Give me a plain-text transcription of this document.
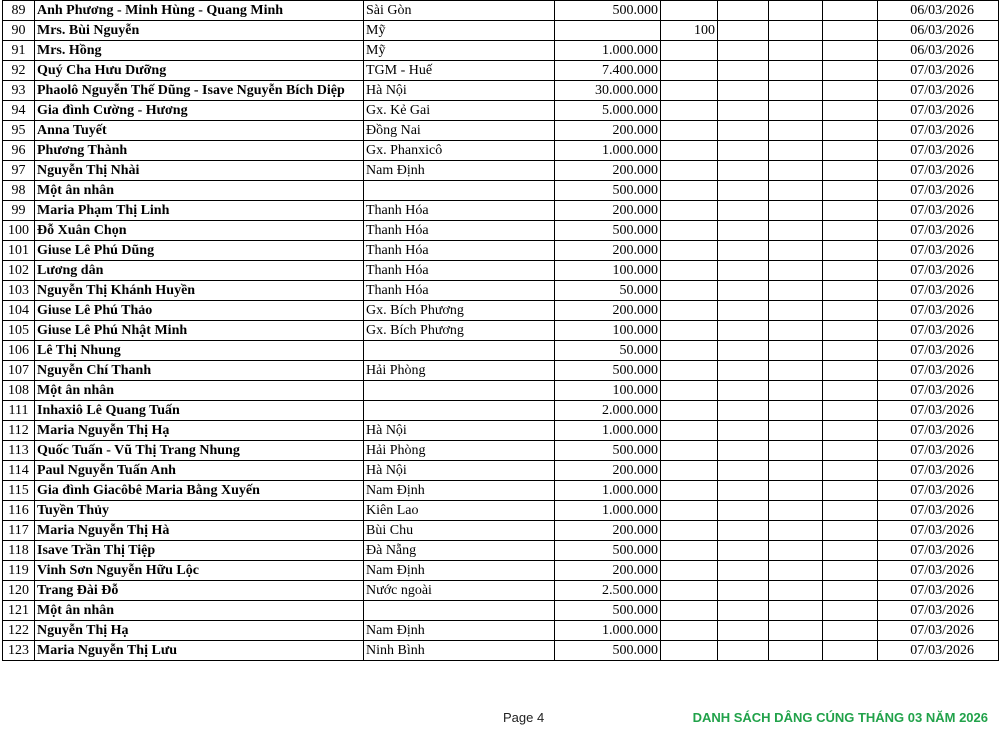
89	Anh Phương - Minh Hùng - Quang Minh	Sài Gòn	500.000					06/03/2026
90	Mrs. Bùi Nguyễn	Mỹ		100				06/03/2026
91	Mrs. Hồng	Mỹ	1.000.000					06/03/2026
92	Quý Cha Hưu Dưỡng	TGM - Huế	7.400.000					07/03/2026
93	Phaolô Nguyễn Thế Dũng - Isave Nguyễn Bích Diệp	Hà Nội	30.000.000					07/03/2026
94	Gia đình Cường - Hương	Gx. Kẻ Gai	5.000.000					07/03/2026
95	Anna Tuyết	Đồng Nai	200.000					07/03/2026
96	Phương Thành	Gx. Phanxicô	1.000.000					07/03/2026
97	Nguyễn Thị Nhài	Nam Định	200.000					07/03/2026
98	Một ân nhân		500.000					07/03/2026
99	Maria Phạm Thị Linh	Thanh Hóa	200.000					07/03/2026
100	Đỗ Xuân Chọn	Thanh Hóa	500.000					07/03/2026
101	Giuse Lê Phú Dũng	Thanh Hóa	200.000					07/03/2026
102	Lương dân	Thanh Hóa	100.000					07/03/2026
103	Nguyễn Thị Khánh Huyền	Thanh Hóa	50.000					07/03/2026
104	Giuse Lê Phú Thảo	Gx. Bích Phương	200.000					07/03/2026
105	Giuse Lê Phú Nhật Minh	Gx. Bích Phương	100.000					07/03/2026
106	Lê Thị Nhung		50.000					07/03/2026
107	Nguyễn Chí Thanh	Hải Phòng	500.000					07/03/2026
108	Một ân nhân		100.000					07/03/2026
111	Inhaxiô Lê Quang Tuấn		2.000.000					07/03/2026
112	Maria Nguyễn Thị Hạ	Hà Nội	1.000.000					07/03/2026
113	Quốc Tuấn - Vũ Thị Trang Nhung	Hải Phòng	500.000					07/03/2026
114	Paul Nguyễn Tuấn Anh	Hà Nội	200.000					07/03/2026
115	Gia đình Giacôbê Maria Bằng Xuyến	Nam Định	1.000.000					07/03/2026
116	Tuyền Thủy	Kiên Lao	1.000.000					07/03/2026
117	Maria Nguyễn Thị Hà	Bùi Chu	200.000					07/03/2026
118	Isave Trần Thị Tiệp	Đà Nẵng	500.000					07/03/2026
119	Vinh Sơn Nguyễn Hữu Lộc	Nam Định	200.000					07/03/2026
120	Trang Đài Đỗ	Nước ngoài	2.500.000					07/03/2026
121	Một ân nhân		500.000					07/03/2026
122	Nguyễn Thị Hạ	Nam Định	1.000.000					07/03/2026
123	Maria Nguyễn Thị Lưu	Ninh Bình	500.000					07/03/2026
Page 4	DANH SÁCH DÂNG CÚNG THÁNG 03 NĂM 2026
